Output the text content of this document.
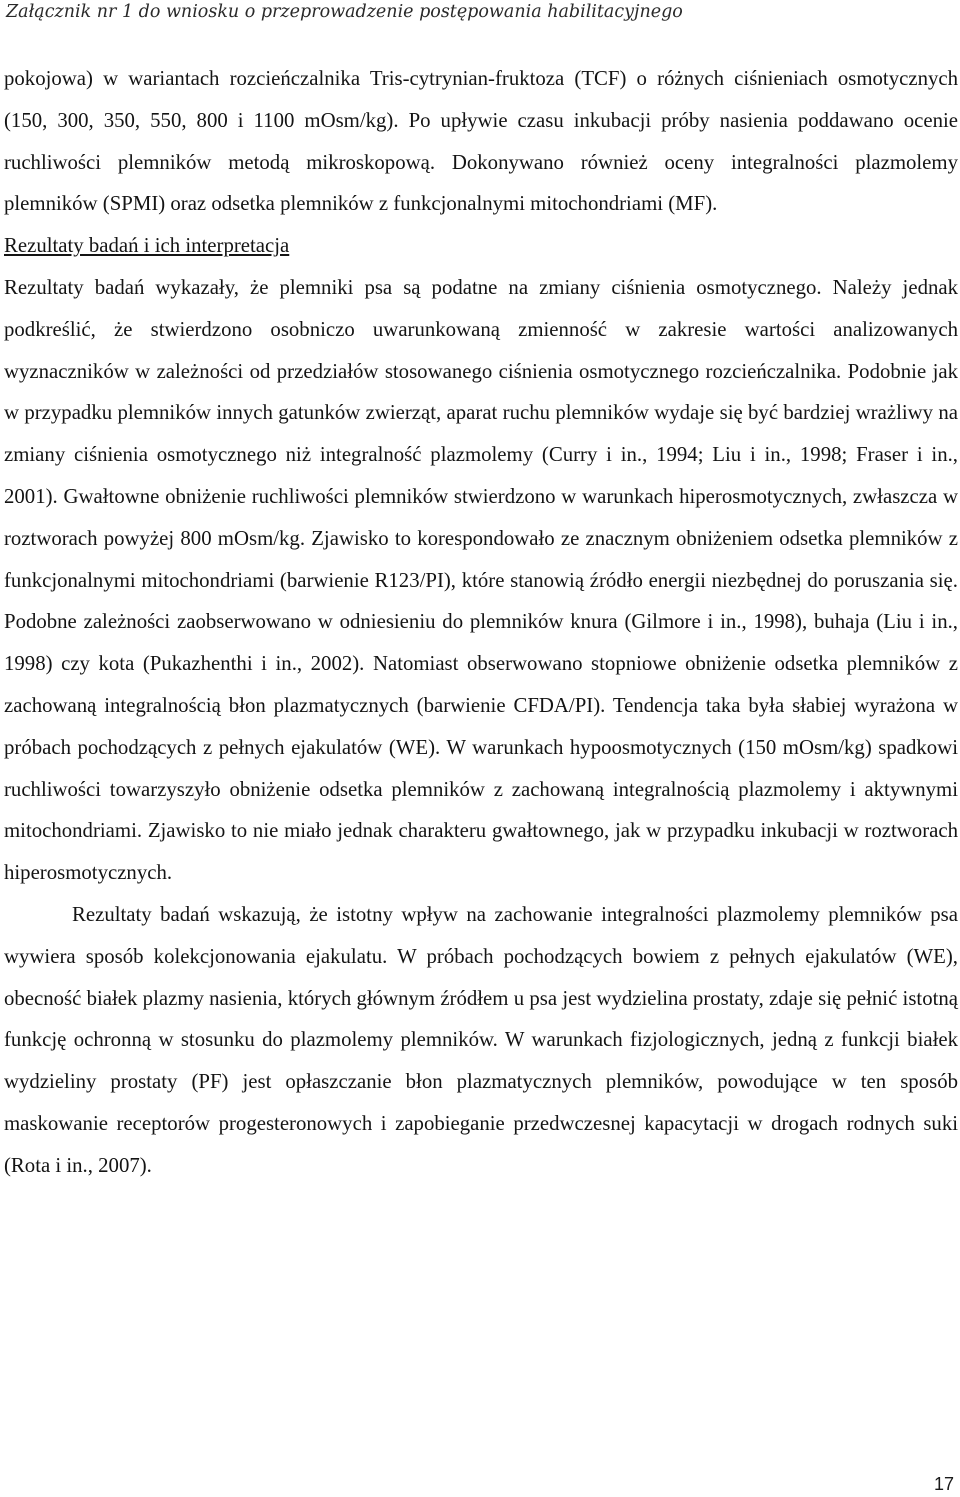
Załącznik nr 1 do wniosku o przeprowadzenie postępowania habilitacyjnego

pokojowa) w wariantach rozcieńczalnika Tris-cytrynian-fruktoza (TCF) o różnych ciśnieniach osmotycznych (150, 300, 350, 550, 800 i 1100 mOsm/kg). Po upływie czasu inkubacji próby nasienia poddawano ocenie ruchliwości plemników metodą mikroskopową. Dokonywano również oceny integralności plazmolemy plemników (SPMI) oraz odsetka plemników z funkcjonalnymi mitochondriami (MF).

Rezultaty badań i ich interpretacja

Rezultaty badań wykazały, że plemniki psa są podatne na zmiany ciśnienia osmotycznego. Należy jednak podkreślić, że stwierdzono osobniczo uwarunkowaną zmienność w zakresie wartości analizowanych wyznaczników w zależności od przedziałów stosowanego ciśnienia osmotycznego rozcieńczalnika. Podobnie jak w przypadku plemników innych gatunków zwierząt, aparat ruchu plemników wydaje się być bardziej wrażliwy na zmiany ciśnienia osmotycznego niż integralność plazmolemy (Curry i in., 1994; Liu i in., 1998; Fraser i in., 2001). Gwałtowne obniżenie ruchliwości plemników stwierdzono w warunkach hiperosmotycznych, zwłaszcza w roztworach powyżej 800 mOsm/kg. Zjawisko to korespondowało ze znacznym obniżeniem odsetka plemników z funkcjonalnymi mitochondriami (barwienie R123/PI), które stanowią źródło energii niezbędnej do poruszania się. Podobne zależności zaobserwowano w odniesieniu do plemników knura (Gilmore i in., 1998), buhaja (Liu i in., 1998) czy kota (Pukazhenthi i in., 2002). Natomiast obserwowano stopniowe obniżenie odsetka plemników z zachowaną integralnością błon plazmatycznych (barwienie CFDA/PI). Tendencja taka była słabiej wyrażona w próbach pochodzących z pełnych ejakulatów (WE). W warunkach hypoosmotycznych (150 mOsm/kg) spadkowi ruchliwości towarzyszyło obniżenie odsetka plemników z zachowaną integralnością plazmolemy i aktywnymi mitochondriami. Zjawisko to nie miało jednak charakteru gwałtownego, jak w przypadku inkubacji w roztworach hiperosmotycznych.

Rezultaty badań wskazują, że istotny wpływ na zachowanie integralności plazmolemy plemników psa wywiera sposób kolekcjonowania ejakulatu. W próbach pochodzących bowiem z pełnych ejakulatów (WE), obecność białek plazmy nasienia, których głównym źródłem u psa jest wydzielina prostaty, zdaje się pełnić istotną funkcję ochronną w stosunku do plazmolemy plemników. W warunkach fizjologicznych, jedną z funkcji białek wydzieliny prostaty (PF) jest opłaszczanie błon plazmatycznych plemników, powodujące w ten sposób maskowanie receptorów progesteronowych i zapobieganie przedwczesnej kapacytacji w drogach rodnych suki (Rota i in., 2007).

17
